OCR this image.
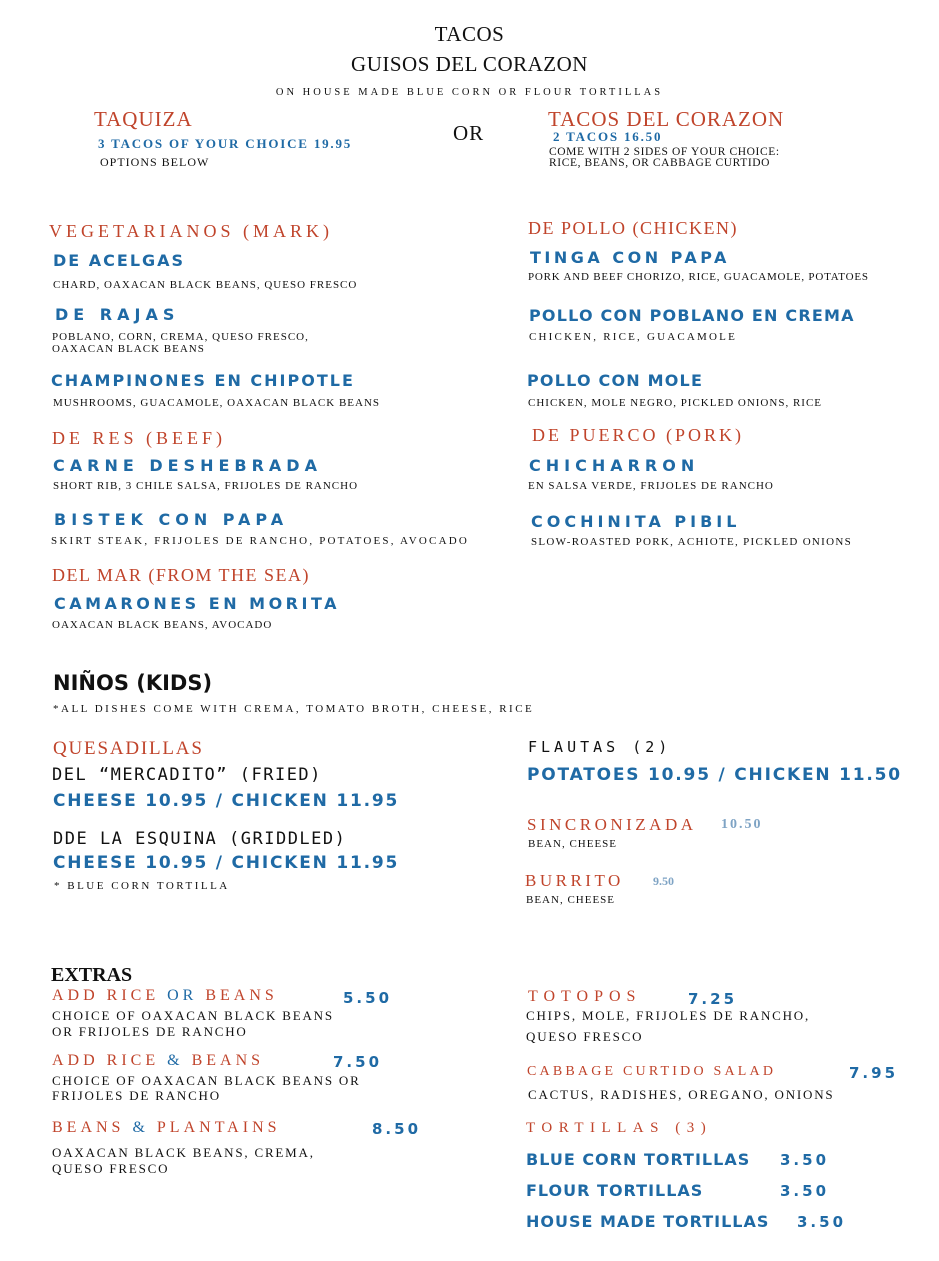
TACOS
GUISOS DEL CORAZON
ON HOUSE MADE BLUE CORN OR FLOUR TORTILLAS
TAQUIZA
3 TACOS OF YOUR CHOICE 19.95
OPTIONS BELOW
OR
TACOS DEL CORAZON
2 TACOS 16.50
COME WITH 2 SIDES OF YOUR CHOICE:
RICE, BEANS, OR CABBAGE CURTIDO
VEGETARIANOS (MARK)
DE ACELGAS
CHARD, OAXACAN BLACK BEANS, QUESO FRESCO
DE RAJAS
POBLANO, CORN, CREMA, QUESO FRESCO,
OAXACAN BLACK BEANS
CHAMPINONES EN CHIPOTLE
MUSHROOMS, GUACAMOLE, OAXACAN BLACK BEANS
DE RES (BEEF)
CARNE DESHEBRADA
SHORT RIB, 3 CHILE SALSA, FRIJOLES DE RANCHO
BISTEK CON PAPA
SKIRT STEAK, FRIJOLES DE RANCHO, POTATOES, AVOCADO
DEL MAR (FROM THE SEA)
CAMARONES EN MORITA
OAXACAN BLACK BEANS, AVOCADO
DE POLLO (CHICKEN)
TINGA CON PAPA
PORK AND BEEF CHORIZO, RICE, GUACAMOLE, POTATOES
POLLO CON POBLANO EN CREMA
CHICKEN, RICE, GUACAMOLE
POLLO CON MOLE
CHICKEN, MOLE NEGRO, PICKLED ONIONS, RICE
DE PUERCO (PORK)
CHICHARRON
EN SALSA VERDE, FRIJOLES DE RANCHO
COCHINITA PIBIL
SLOW-ROASTED PORK, ACHIOTE, PICKLED ONIONS
NIÑOS (KIDS)
*ALL DISHES COME WITH CREMA, TOMATO BROTH, CHEESE, RICE
QUESADILLAS
DEL “MERCADITO” (FRIED)
CHEESE 10.95 / CHICKEN 11.95
DDE LA ESQUINA (GRIDDLED)
CHEESE 10.95 / CHICKEN 11.95
* BLUE CORN TORTILLA
FLAUTAS (2)
POTATOES 10.95 / CHICKEN 11.50
SINCRONIZADA 10.50
BEAN, CHEESE
BURRITO 9.50
BEAN, CHEESE
EXTRAS
ADD RICE OR BEANS	5.50
CHOICE OF OAXACAN BLACK BEANS
OR FRIJOLES DE RANCHO
ADD RICE & BEANS	7.50
CHOICE OF OAXACAN BLACK BEANS OR
FRIJOLES DE RANCHO
BEANS & PLANTAINS	8.50
OAXACAN BLACK BEANS, CREMA,
QUESO FRESCO
TOTOPOS	7.25
CHIPS, MOLE, FRIJOLES DE RANCHO,
QUESO FRESCO
CABBAGE CURTIDO SALAD	7.95
CACTUS, RADISHES, OREGANO, ONIONS
TORTILLAS (3)
BLUE CORN TORTILLAS 3.50
FLOUR TORTILLAS	3.50
HOUSE MADE TORTILLAS 3.50
